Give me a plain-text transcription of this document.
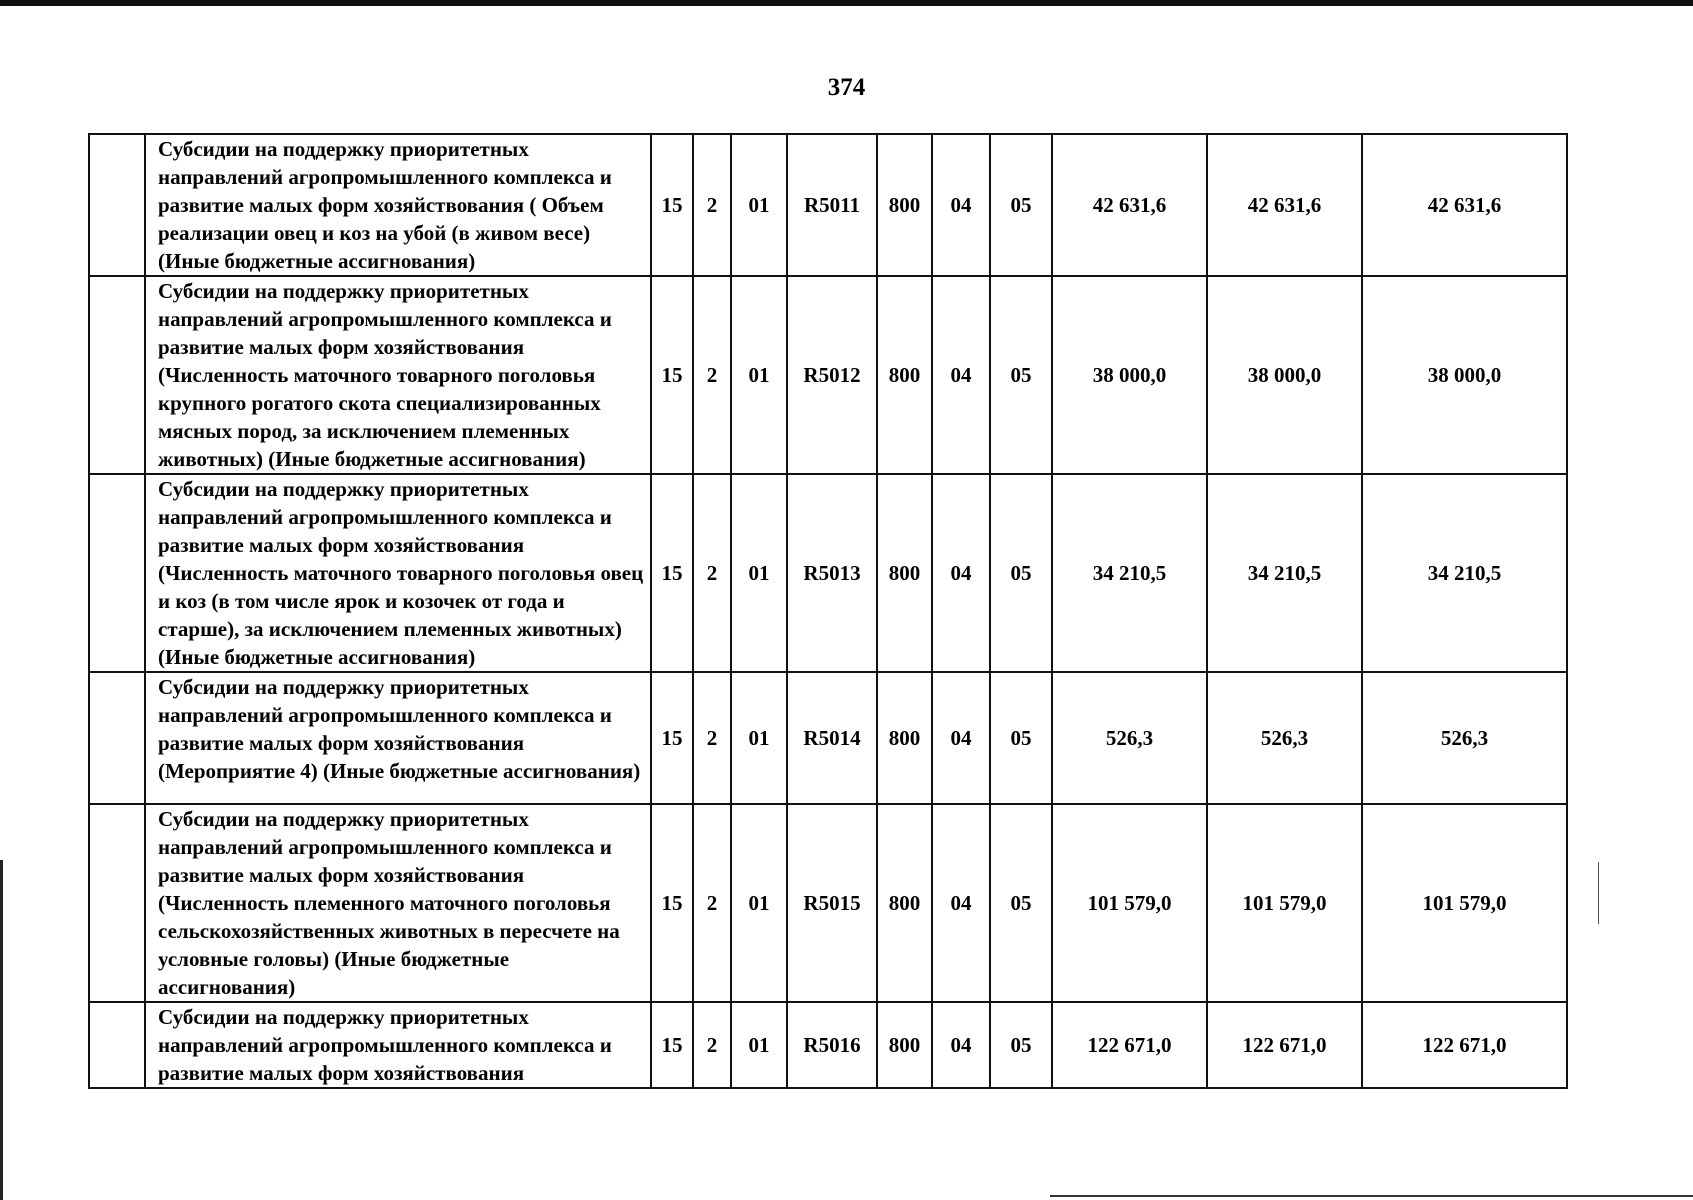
374
	Субсидии на поддержку приоритетных направлений агропромышленного комплекса и развитие малых форм хозяйствования ( Объем реализации овец и коз на убой (в живом весе) (Иные бюджетные ассигнования)	15	2	01	R5011	800	04	05	42 631,6	42 631,6	42 631,6
	Субсидии на поддержку приоритетных направлений агропромышленного комплекса и развитие малых форм хозяйствования (Численность маточного товарного поголовья крупного рогатого скота специализированных мясных пород, за исключением племенных животных) (Иные бюджетные ассигнования)	15	2	01	R5012	800	04	05	38 000,0	38 000,0	38 000,0
	Субсидии на поддержку приоритетных направлений агропромышленного комплекса и развитие малых форм хозяйствования (Численность маточного товарного поголовья овец и коз (в том числе ярок и козочек от года и старше), за исключением племенных животных) (Иные бюджетные ассигнования)	15	2	01	R5013	800	04	05	34 210,5	34 210,5	34 210,5
	Субсидии на поддержку приоритетных направлений агропромышленного комплекса и развитие малых форм хозяйствования (Мероприятие 4) (Иные бюджетные ассигнования)	15	2	01	R5014	800	04	05	526,3	526,3	526,3
	Субсидии на поддержку приоритетных направлений агропромышленного комплекса и развитие малых форм хозяйствования (Численность племенного маточного поголовья сельскохозяйственных животных в пересчете на условные головы) (Иные бюджетные ассигнования)	15	2	01	R5015	800	04	05	101 579,0	101 579,0	101 579,0
	Субсидии на поддержку приоритетных направлений агропромышленного комплекса и развитие малых форм хозяйствования	15	2	01	R5016	800	04	05	122 671,0	122 671,0	122 671,0
